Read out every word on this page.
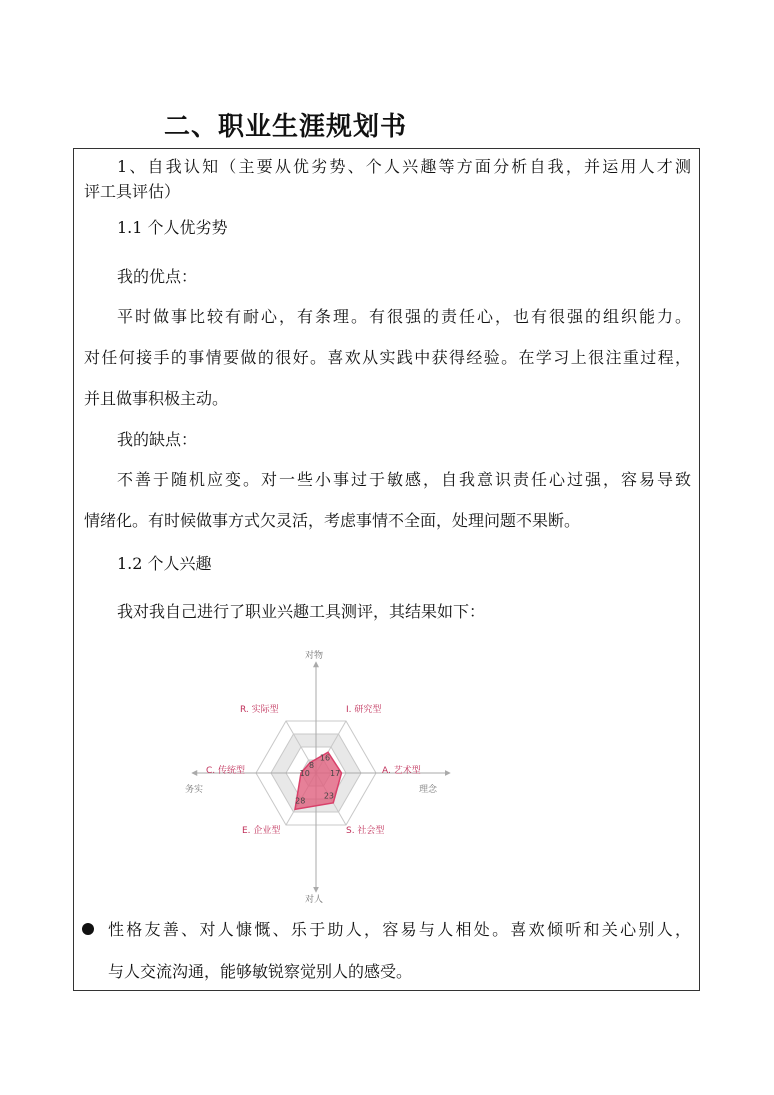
二、职业生涯规划书
1、自我认知（主要从优劣势、个人兴趣等方面分析自我，并运用人才测
评工具评估）
1.1 个人优劣势
我的优点：
平时做事比较有耐心，有条理。有很强的责任心，也有很强的组织能力。
对任何接手的事情要做的很好。喜欢从实践中获得经验。在学习上很注重过程，
并且做事积极主动。
我的缺点：
不善于随机应变。对一些小事过于敏感，自我意识责任心过强，容易导致
情绪化。有时候做事方式欠灵活，考虑事情不全面，处理问题不果断。
1.2 个人兴趣
我对我自己进行了职业兴趣工具测评，其结果如下：
8
16
17
23
28
10
对物
对人
务实	理念
R. 实际型	I. 研究型
A. 艺术型
S. 社会型
E. 企业型
C. 传统型
性格友善、对人慷慨、乐于助人，容易与人相处。喜欢倾听和关心别人，
与人交流沟通，能够敏锐察觉别人的感受。
